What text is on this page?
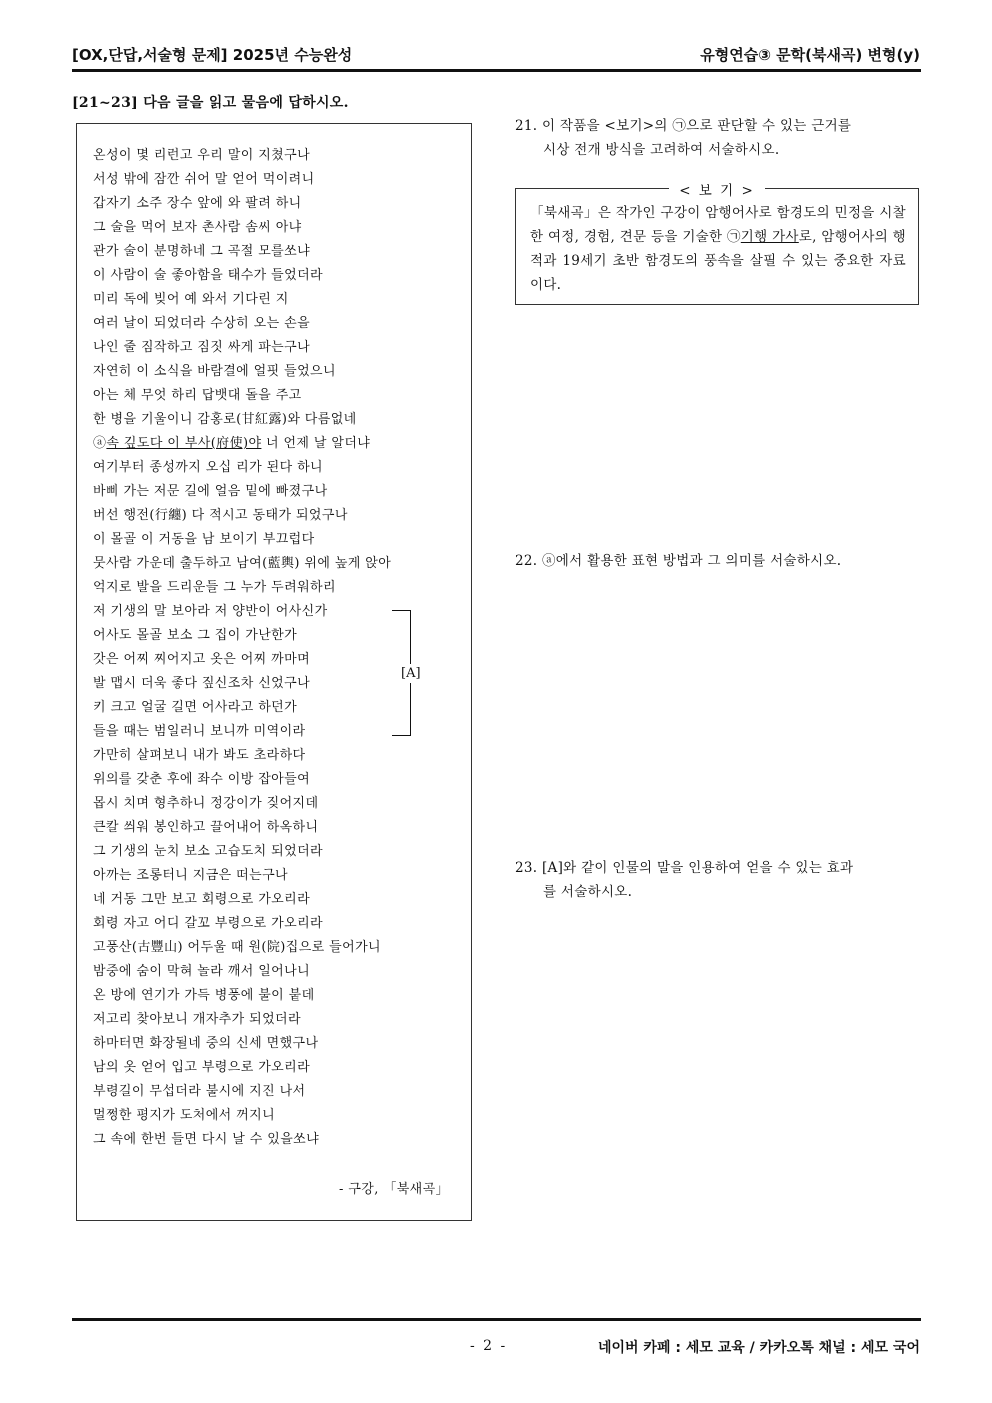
[OX,단답,서술형 문제] 2025년 수능완성	유형연습③ 문학(북새곡) 변형(y)
[21~23] 다음 글을 읽고 물음에 답하시오.
온성이 몇 리런고 우리 말이 지쳤구나
서성 밖에 잠깐 쉬어 말 얻어 먹이려니
갑자기 소주 장수 앞에 와 팔려 하니
그 술을 먹어 보자 촌사람 솜씨 아냐
관가 술이 분명하네 그 곡절 모를쏘냐
이 사람이 술 좋아함을 태수가 들었더라
미리 독에 빚어 예 와서 기다린 지
여러 날이 되었더라 수상히 오는 손을
나인 줄 짐작하고 짐짓 싸게 파는구나
자연히 이 소식을 바람결에 얼핏 들었으니
아는 체 무엇 하리 답뱃대 돌을 주고
한 병을 기울이니 감홍로(甘紅露)와 다름없네
ⓐ속 깊도다 이 부사(府使)야 너 언제 날 알더냐
여기부터 종성까지 오십 리가 된다 하니
바삐 가는 저문 길에 얼음 밑에 빠졌구나
버선 행전(行纏) 다 적시고 동태가 되었구나
이 몰골 이 거동을 남 보이기 부끄럽다
뭇사람 가운데 출두하고 남여(藍輿) 위에 높게 앉아
억지로 발을 드리운들 그 누가 두려워하리
저 기생의 말 보아라 저 양반이 어사신가
어사도 몰골 보소 그 집이 가난한가
갓은 어찌 찌어지고 옷은 어찌 까마며
발 맵시 더욱 좋다 짚신조차 신었구나
키 크고 얼굴 길면 어사라고 하던가
들을 때는 범일러니 보니까 미역이라
가만히 살펴보니 내가 봐도 초라하다
위의를 갖춘 후에 좌수 이방 잡아들여
몹시 치며 형추하니 정강이가 짖어지데
큰칼 씌워 봉인하고 끌어내어 하옥하니
그 기생의 눈치 보소 고습도치 되었더라
아까는 조롱터니 지금은 떠는구나
네 거동 그만 보고 회령으로 가오리라
회령 자고 어디 갈꼬 부령으로 가오리라
고풍산(古豐山) 어두울 때 원(院)집으로 들어가니
밤중에 숨이 막혀 놀라 깨서 일어나니
온 방에 연기가 가득 병풍에 불이 붙데
저고리 찾아보니 개자추가 되었더라
하마터면 화장될네 중의 신세 면했구나
남의 옷 얻어 입고 부령으로 가오리라
부령길이 무섭더라 불시에 지진 나서
멀쩡한 평지가 도처에서 꺼지니
그 속에 한번 들면 다시 날 수 있을쏘냐
[A]
- 구강, 「북새곡」
21. 이 작품을 <보기>의 ㉠으로 판단할 수 있는 근거를
시상 전개 방식을 고려하여 서술하시오.
< 보 기 >
「북새곡」은 작가인 구강이 암행어사로 함경도의 민정을 시찰한 여정, 경험, 견문 등을 기술한 ㉠기행 가사로, 암행어사의 행적과 19세기 초반 함경도의 풍속을 살필 수 있는 중요한 자료이다.
22. ⓐ에서 활용한 표현 방법과 그 의미를 서술하시오.
23. [A]와 같이 인물의 말을 인용하여 얻을 수 있는 효과
를 서술하시오.
- 2 -	네이버 카페 : 세모 교육 / 카카오톡 채널 : 세모 국어
